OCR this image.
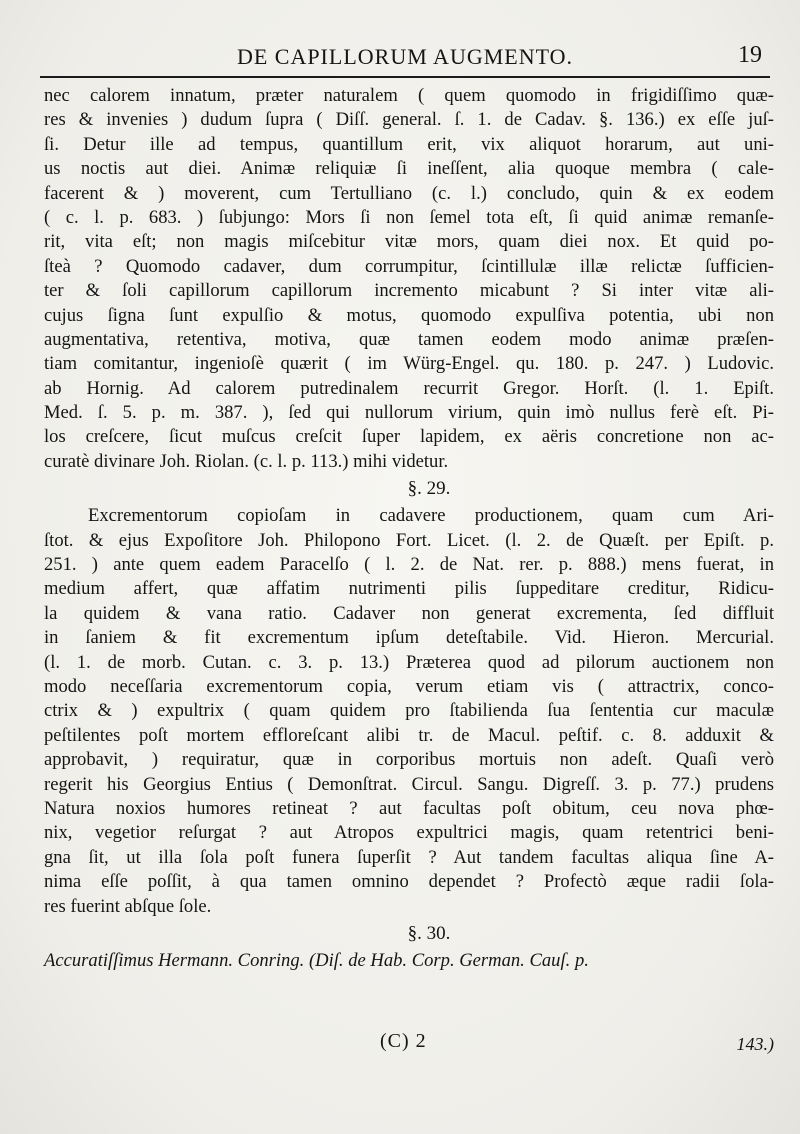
DE CAPILLORUM AUGMENTO.	19
nec calorem innatum, præter naturalem ( quem quomodo in frigidiſſimo quæ-
res & invenies ) dudum ſupra ( Diſſ. general. ſ. 1. de Cadav. §. 136.) ex eſſe juſ-
ſi. Detur ille ad tempus, quantillum erit, vix aliquot horarum, aut uni-
us noctis aut diei. Animæ reliquiæ ſi ineſſent, alia quoque membra ( cale-
facerent & ) moverent, cum Tertulliano (c. l.) concludo, quin & ex eodem
( c. l. p. 683. ) ſubjungo: Mors ſi non ſemel tota eſt, ſi quid animæ remanſe-
rit, vita eſt; non magis miſcebitur vitæ mors, quam diei nox. Et quid po-
ſteà ? Quomodo cadaver, dum corrumpitur, ſcintillulæ illæ relictæ ſufficien-
ter & ſoli capillorum capillorum incremento micabunt ? Si inter vitæ ali-
cujus ſigna ſunt expulſio & motus, quomodo expulſiva potentia, ubi non
augmentativa, retentiva, motiva, quæ tamen eodem modo animæ præſen-
tiam comitantur, ingenioſè quærit ( im Würg-Engel. qu. 180. p. 247. ) Ludovic.
ab Hornig. Ad calorem putredinalem recurrit Gregor. Horſt. (l. 1. Epiſt.
Med. ſ. 5. p. m. 387. ), ſed qui nullorum virium, quin imò nullus ferè eſt. Pi-
los creſcere, ſicut muſcus creſcit ſuper lapidem, ex aëris concretione non ac-
curatè divinare Joh. Riolan. (c. l. p. 113.) mihi videtur.
§. 29.
Excrementorum copioſam in cadavere productionem, quam cum Ari-
ſtot. & ejus Expoſitore Joh. Philopono Fort. Licet. (l. 2. de Quæſt. per Epiſt. p.
251. ) ante quem eadem Paracelſo ( l. 2. de Nat. rer. p. 888.) mens fuerat, in
medium affert, quæ affatim nutrimenti pilis ſuppeditare creditur, Ridicu-
la quidem & vana ratio. Cadaver non generat excrementa, ſed diffluit
in ſaniem & fit excrementum ipſum deteſtabile. Vid. Hieron. Mercurial.
(l. 1. de morb. Cutan. c. 3. p. 13.) Præterea quod ad pilorum auctionem non
modo neceſſaria excrementorum copia, verum etiam vis ( attractrix, conco-
ctrix & ) expultrix ( quam quidem pro ſtabilienda ſua ſententia cur maculæ
peſtilentes poſt mortem effloreſcant alibi tr. de Macul. peſtif. c. 8. adduxit &
approbavit, ) requiratur, quæ in corporibus mortuis non adeſt. Quaſi verò
regerit his Georgius Entius ( Demonſtrat. Circul. Sangu. Digreſſ. 3. p. 77.) prudens
Natura noxios humores retineat ? aut facultas poſt obitum, ceu nova phœ-
nix, vegetior reſurgat ? aut Atropos expultrici magis, quam retentrici beni-
gna ſit, ut illa ſola poſt funera ſuperſit ? Aut tandem facultas aliqua ſine A-
nima eſſe poſſit, à qua tamen omnino dependet ? Profectò æque radii ſola-
res fuerint abſque ſole.
§. 30.
Accuratiſſimus Hermann. Conring. (Diſ. de Hab. Corp. German. Cauſ. p.
(C) 2	143.)
